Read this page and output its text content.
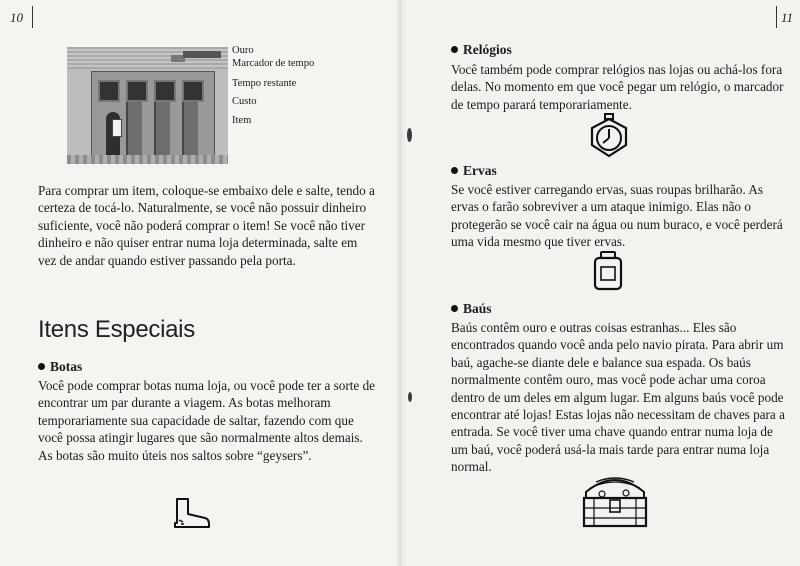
10	11
Ouro
Marcador de tempo
Tempo restante
Custo
Item

Para comprar um item, coloque-se embaixo dele e salte, tendo a certeza de tocá-lo. Naturalmente, se você não possuir dinheiro suficiente, você não poderá comprar o item! Se você não tiver dinheiro e não quiser entrar numa loja determinada, salte em vez de andar quando estiver passando pela porta.

Itens Especiais
Botas

Você pode comprar botas numa loja, ou você pode ter a sorte de encontrar um par durante a viagem. As botas melhoram temporariamente sua capacidade de saltar, fazendo com que você possa atingir lugares que são normalmente altos demais. As botas são muito úteis nos saltos sobre “geysers”.

Relógios

Você também pode comprar relógios nas lojas ou achá-los fora delas. No momento em que você pegar um relógio, o marcador de tempo parará temporariamente.

Ervas

Se você estiver carregando ervas, suas roupas brilharão. As ervas o farão sobreviver a um ataque inimigo. Elas não o protegerão se você cair na água ou num buraco, e você perderá uma vida mesmo que tiver ervas.

Baús

Baús contêm ouro e outras coisas estranhas... Eles são encontrados quando você anda pelo navio pirata. Para abrir um baú, agache-se diante dele e balance sua espada. Os baús normalmente contêm ouro, mas você pode achar uma coroa dentro de um deles em algum lugar. Em alguns baús você pode encontrar até lojas! Estas lojas não necessitam de chaves para a entrada. Se você tiver uma chave quando entrar numa loja de um baú, você poderá usá-la mais tarde para entrar numa loja normal.
